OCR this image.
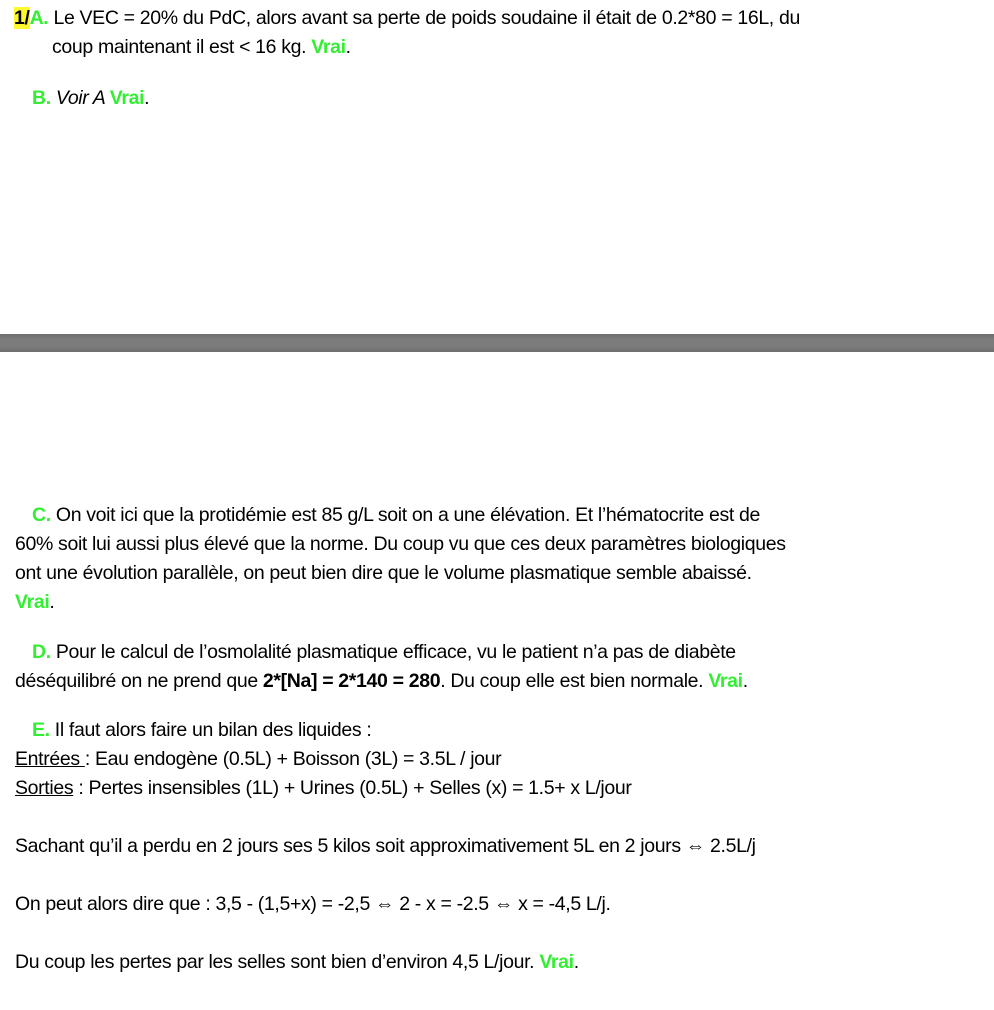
1/A. Le VEC = 20% du PdC, alors avant sa perte de poids soudaine il était de 0.2*80 = 16L, du
coup maintenant il est < 16 kg. Vrai.
B. Voir A Vrai.
C. On voit ici que la protidémie est 85 g/L soit on a une élévation. Et l’hématocrite est de
60% soit lui aussi plus élevé que la norme. Du coup vu que ces deux paramètres biologiques
ont une évolution parallèle, on peut bien dire que le volume plasmatique semble abaissé.
Vrai.
D. Pour le calcul de l’osmolalité plasmatique efficace, vu le patient n’a pas de diabète
déséquilibré on ne prend que 2*[Na] = 2*140 = 280. Du coup elle est bien normale. Vrai.
E. Il faut alors faire un bilan des liquides :
Entrées : Eau endogène (0.5L) + Boisson (3L) = 3.5L / jour
Sorties : Pertes insensibles (1L) + Urines (0.5L) + Selles (x) = 1.5+ x L/jour
Sachant qu’il a perdu en 2 jours ses 5 kilos soit approximativement 5L en 2 jours ⇔ 2.5L/j
On peut alors dire que : 3,5 - (1,5+x) = -2,5 ⇔ 2 - x = -2.5 ⇔ x = -4,5 L/j.
Du coup les pertes par les selles sont bien d’environ 4,5 L/jour. Vrai.
